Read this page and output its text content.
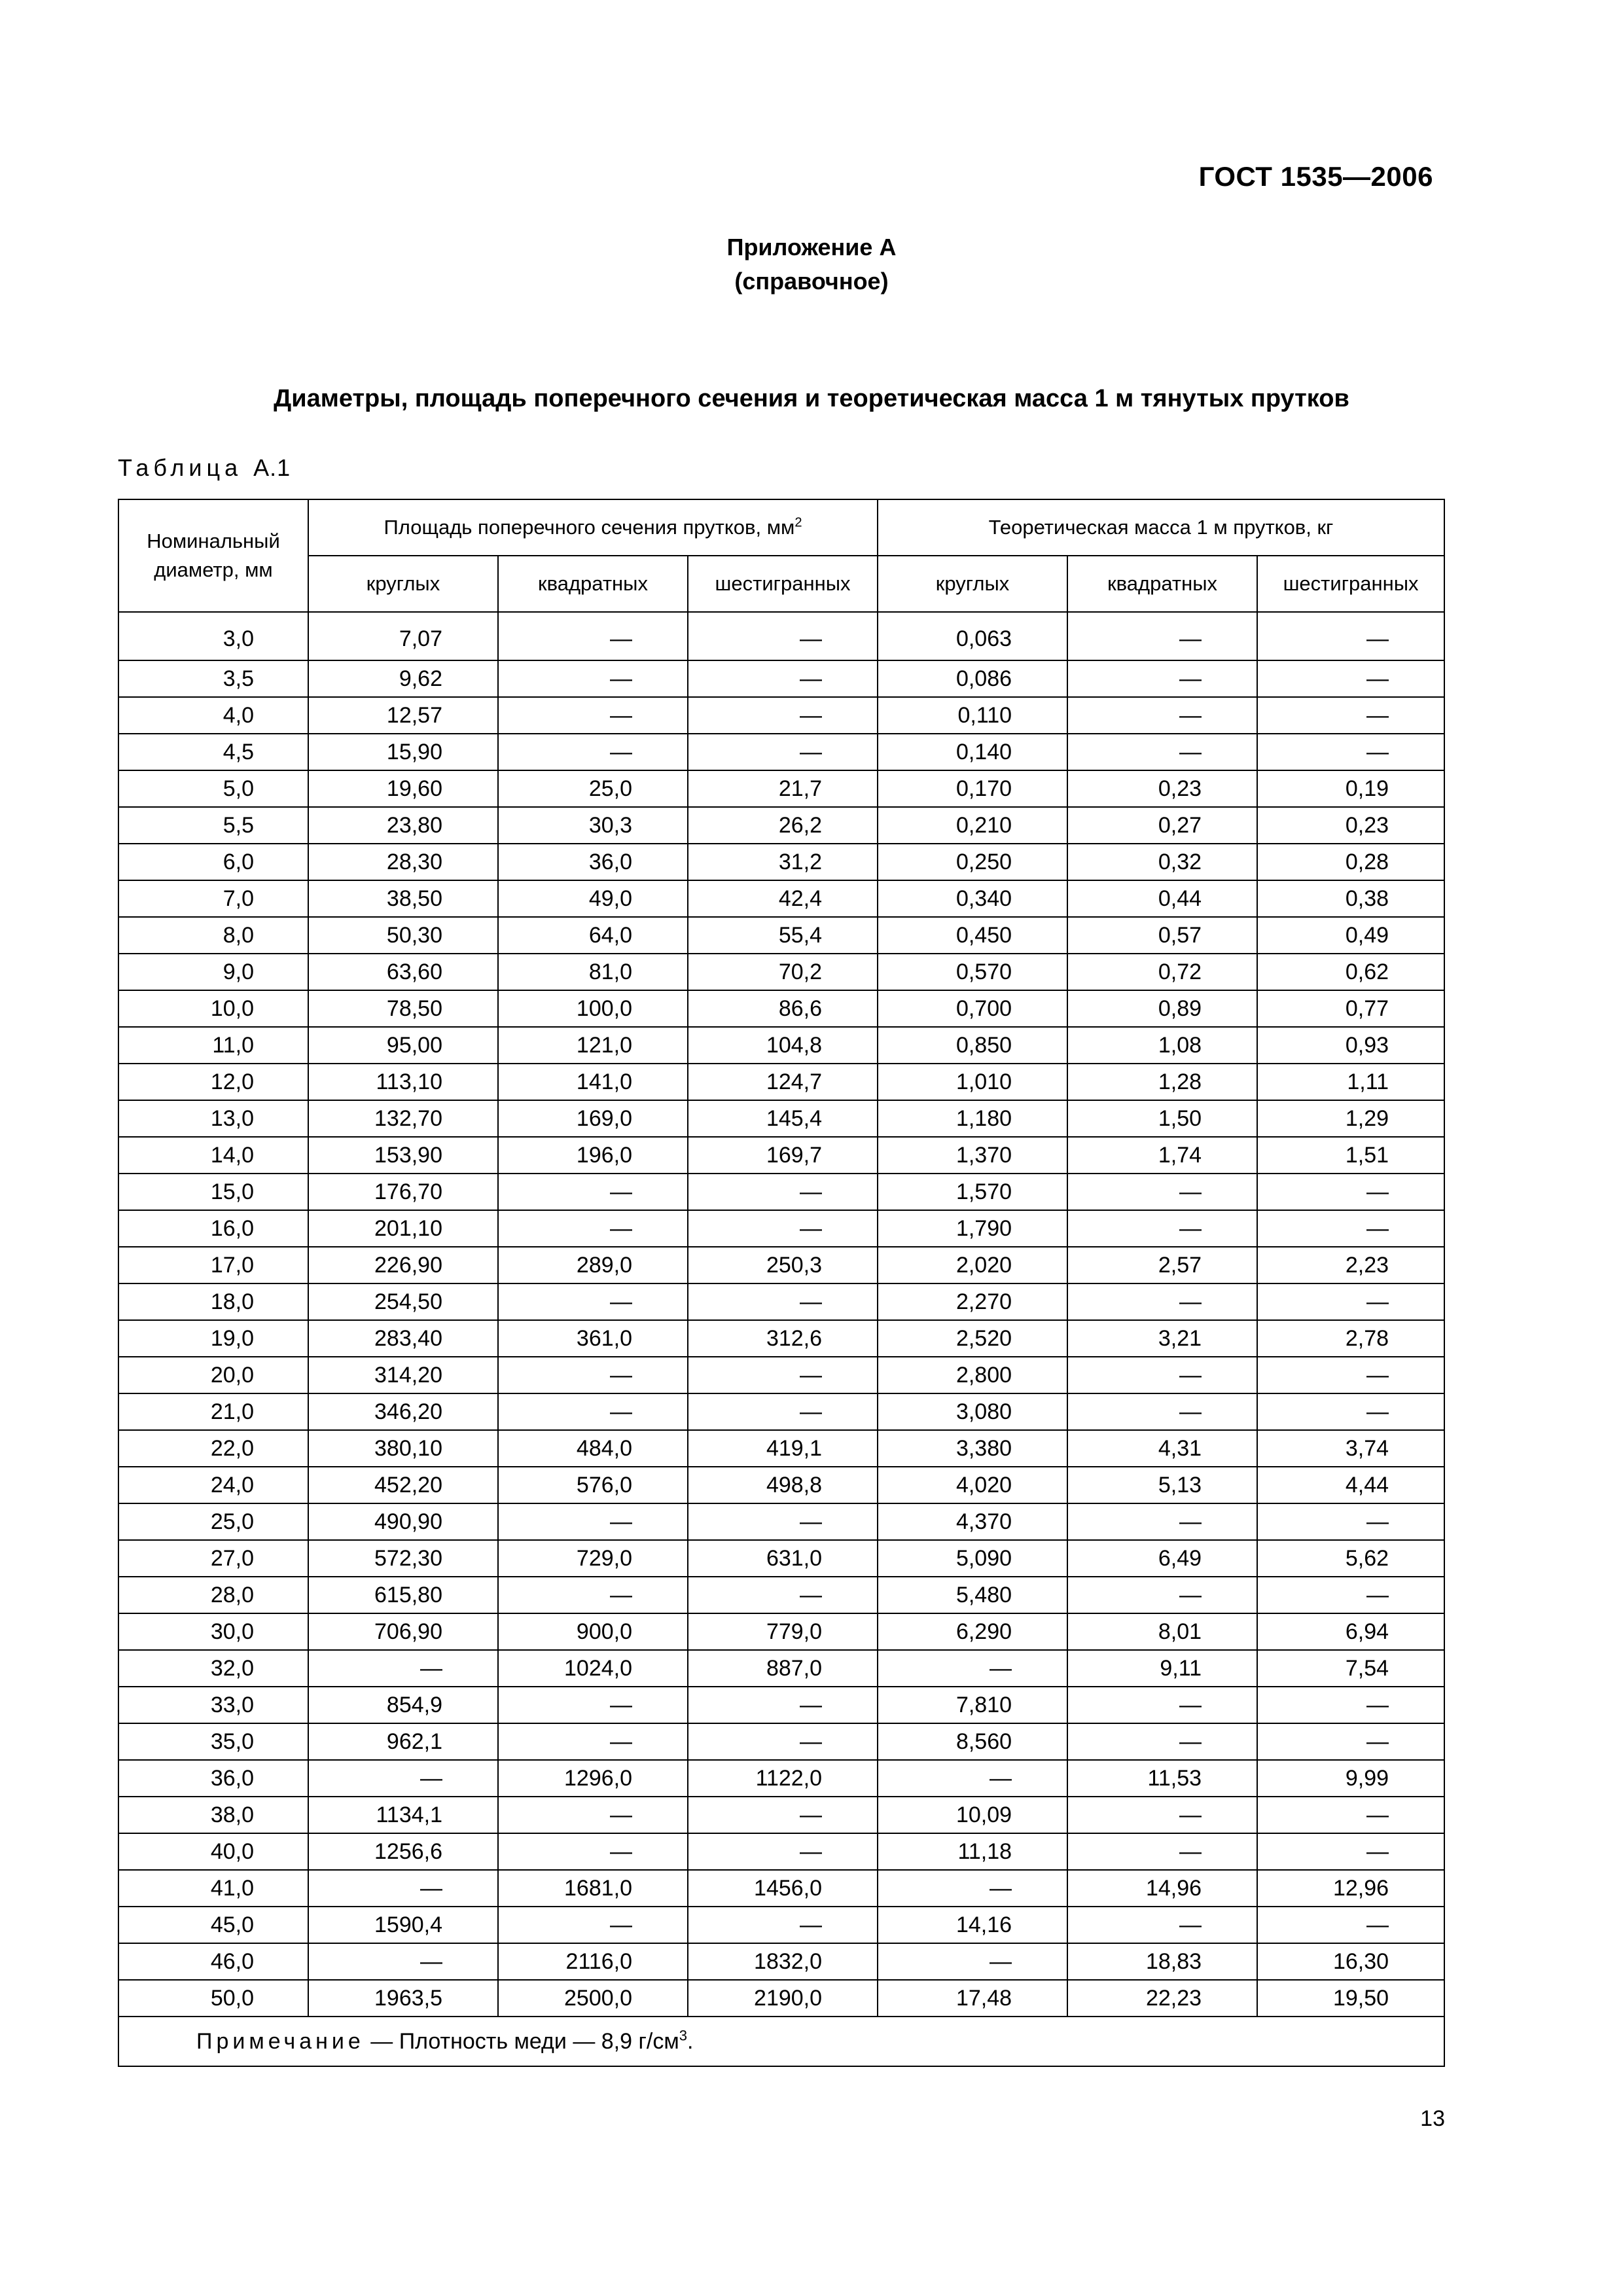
ГОСТ 1535—2006
Приложение А
(справочное)
Диаметры, площадь поперечного сечения и теоретическая масса 1 м тянутых прутков
Таблица А.1
Номинальный
диаметр, мм	Площадь поперечного сечения прутков, $мм^2$			Теоретическая масса 1 м прутков, кг		
	круглых	квадратных	шестигранных	круглых	квадратных	шестигранных
3,0	7,07	—	—	0,063	—	—
3,5	9,62	—	—	0,086	—	—
4,0	12,57	—	—	0,110	—	—
4,5	15,90	—	—	0,140	—	—
5,0	19,60	25,0	21,7	0,170	0,23	0,19
5,5	23,80	30,3	26,2	0,210	0,27	0,23
6,0	28,30	36,0	31,2	0,250	0,32	0,28
7,0	38,50	49,0	42,4	0,340	0,44	0,38
8,0	50,30	64,0	55,4	0,450	0,57	0,49
9,0	63,60	81,0	70,2	0,570	0,72	0,62
10,0	78,50	100,0	86,6	0,700	0,89	0,77
11,0	95,00	121,0	104,8	0,850	1,08	0,93
12,0	113,10	141,0	124,7	1,010	1,28	1,11
13,0	132,70	169,0	145,4	1,180	1,50	1,29
14,0	153,90	196,0	169,7	1,370	1,74	1,51
15,0	176,70	—	—	1,570	—	—
16,0	201,10	—	—	1,790	—	—
17,0	226,90	289,0	250,3	2,020	2,57	2,23
18,0	254,50	—	—	2,270	—	—
19,0	283,40	361,0	312,6	2,520	3,21	2,78
20,0	314,20	—	—	2,800	—	—
21,0	346,20	—	—	3,080	—	—
22,0	380,10	484,0	419,1	3,380	4,31	3,74
24,0	452,20	576,0	498,8	4,020	5,13	4,44
25,0	490,90	—	—	4,370	—	—
27,0	572,30	729,0	631,0	5,090	6,49	5,62
28,0	615,80	—	—	5,480	—	—
30,0	706,90	900,0	779,0	6,290	8,01	6,94
32,0	—	1024,0	887,0	—	9,11	7,54
33,0	854,9	—	—	7,810	—	—
35,0	962,1	—	—	8,560	—	—
36,0	—	1296,0	1122,0	—	11,53	9,99
38,0	1134,1	—	—	10,09	—	—
40,0	1256,6	—	—	11,18	—	—
41,0	—	1681,0	1456,0	—	14,96	12,96
45,0	1590,4	—	—	14,16	—	—
46,0	—	2116,0	1832,0	—	18,83	16,30
50,0	1963,5	2500,0	2190,0	17,48	22,23	19,50
Примечание — Плотность меди — 8,9 $г/см^3$.						
13
